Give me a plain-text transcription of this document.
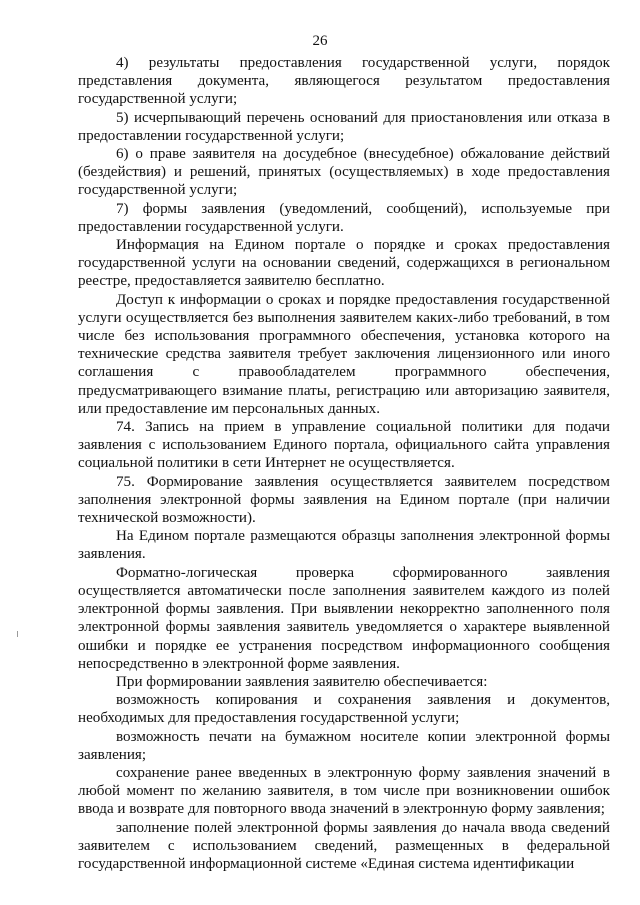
26

4) результаты предоставления государственной услуги, порядок представления документа, являющегося результатом предоставления государственной услуги;

5) исчерпывающий перечень оснований для приостановления или отказа в предоставлении государственной услуги;

6) о праве заявителя на досудебное (внесудебное) обжалование действий (бездействия) и решений, принятых (осуществляемых) в ходе предоставления государственной услуги;

7) формы заявления (уведомлений, сообщений), используемые при предоставлении государственной услуги.

Информация на Едином портале о порядке и сроках предоставления государственной услуги на основании сведений, содержащихся в региональном реестре, предоставляется заявителю бесплатно.

Доступ к информации о сроках и порядке предоставления государственной услуги осуществляется без выполнения заявителем каких-либо требований, в том числе без использования программного обеспечения, установка которого на технические средства заявителя требует заключения лицензионного или иного соглашения с правообладателем программного обеспечения, предусматривающего взимание платы, регистрацию или авторизацию заявителя, или предоставление им персональных данных.

74. Запись на прием в управление социальной политики для подачи заявления с использованием Единого портала, официального сайта управления социальной политики в сети Интернет не осуществляется.

75. Формирование заявления осуществляется заявителем посредством заполнения электронной формы заявления на Едином портале (при наличии технической возможности).

На Едином портале размещаются образцы заполнения электронной формы заявления.

Форматно-логическая проверка сформированного заявления осуществляется автоматически после заполнения заявителем каждого из полей электронной формы заявления. При выявлении некорректно заполненного поля электронной формы заявления заявитель уведомляется о характере выявленной ошибки и порядке ее устранения посредством информационного сообщения непосредственно в электронной форме заявления.

При формировании заявления заявителю обеспечивается:

возможность копирования и сохранения заявления и документов, необходимых для предоставления государственной услуги;

возможность печати на бумажном носителе копии электронной формы заявления;

сохранение ранее введенных в электронную форму заявления значений в любой момент по желанию заявителя, в том числе при возникновении ошибок ввода и возврате для повторного ввода значений в электронную форму заявления;

заполнение полей электронной формы заявления до начала ввода сведений заявителем с использованием сведений, размещенных в федеральной государственной информационной системе «Единая система идентификации
